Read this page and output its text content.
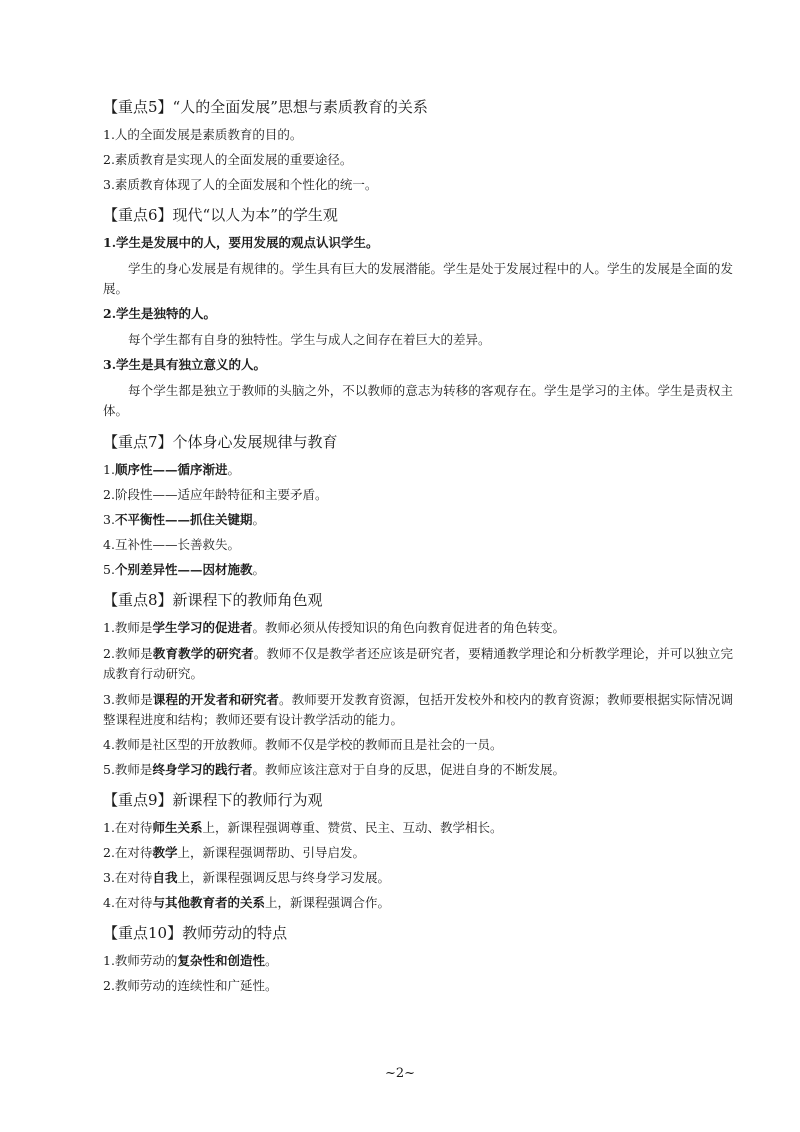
【重点5】“人的全面发展”思想与素质教育的关系
1.人的全面发展是素质教育的目的。
2.素质教育是实现人的全面发展的重要途径。
3.素质教育体现了人的全面发展和个性化的统一。
【重点6】现代“以人为本”的学生观
1.学生是发展中的人，要用发展的观点认识学生。
学生的身心发展是有规律的。学生具有巨大的发展潜能。学生是处于发展过程中的人。学生的发展是全面的发展。
2.学生是独特的人。
每个学生都有自身的独特性。学生与成人之间存在着巨大的差异。
3.学生是具有独立意义的人。
每个学生都是独立于教师的头脑之外，不以教师的意志为转移的客观存在。学生是学习的主体。学生是责权主体。
【重点7】个体身心发展规律与教育
1.顺序性——循序渐进。
2.阶段性——适应年龄特征和主要矛盾。
3.不平衡性——抓住关键期。
4.互补性——长善救失。
5.个别差异性——因材施教。
【重点8】新课程下的教师角色观
1.教师是学生学习的促进者。教师必须从传授知识的角色向教育促进者的角色转变。
2.教师是教育教学的研究者。教师不仅是教学者还应该是研究者，要精通教学理论和分析教学理论，并可以独立完成教育行动研究。
3.教师是课程的开发者和研究者。教师要开发教育资源，包括开发校外和校内的教育资源；教师要根据实际情况调整课程进度和结构；教师还要有设计教学活动的能力。
4.教师是社区型的开放教师。教师不仅是学校的教师而且是社会的一员。
5.教师是终身学习的践行者。教师应该注意对于自身的反思，促进自身的不断发展。
【重点9】新课程下的教师行为观
1.在对待师生关系上，新课程强调尊重、赞赏、民主、互动、教学相长。
2.在对待教学上，新课程强调帮助、引导启发。
3.在对待自我上，新课程强调反思与终身学习发展。
4.在对待与其他教育者的关系上，新课程强调合作。
【重点10】教师劳动的特点
1.教师劳动的复杂性和创造性。
2.教师劳动的连续性和广延性。
~2~
